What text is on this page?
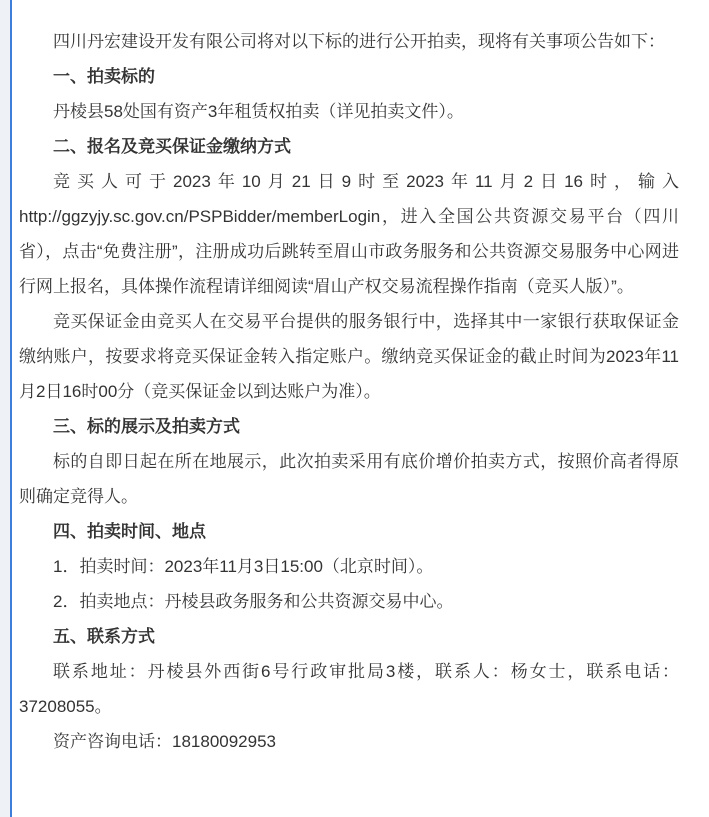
四川丹宏建设开发有限公司将对以下标的进行公开拍卖，现将有关事项公告如下：

一、拍卖标的

丹棱县58处国有资产3年租赁权拍卖（详见拍卖文件）。

二、报名及竞买保证金缴纳方式

竞买人可于2023年10月21日9时至2023年11月2日16时，输入http://ggzyjy.sc.gov.cn/PSPBidder/memberLogin，进入全国公共资源交易平台（四川省），点击“免费注册”，注册成功后跳转至眉山市政务服务和公共资源交易服务中心网进行网上报名，具体操作流程请详细阅读“眉山产权交易流程操作指南（竞买人版）”。

竞买保证金由竞买人在交易平台提供的服务银行中，选择其中一家银行获取保证金缴纳账户，按要求将竞买保证金转入指定账户。缴纳竞买保证金的截止时间为2023年11月2日16时00分（竞买保证金以到达账户为准）。

三、标的展示及拍卖方式

标的自即日起在所在地展示，此次拍卖采用有底价增价拍卖方式，按照价高者得原则确定竞得人。

四、拍卖时间、地点

1．拍卖时间：2023年11月3日15:00（北京时间）。

2．拍卖地点：丹棱县政务服务和公共资源交易中心。

五、联系方式

联系地址：丹棱县外西街6号行政审批局3楼，联系人：杨女士，联系电话：37208055。

资产咨询电话：18180092953
